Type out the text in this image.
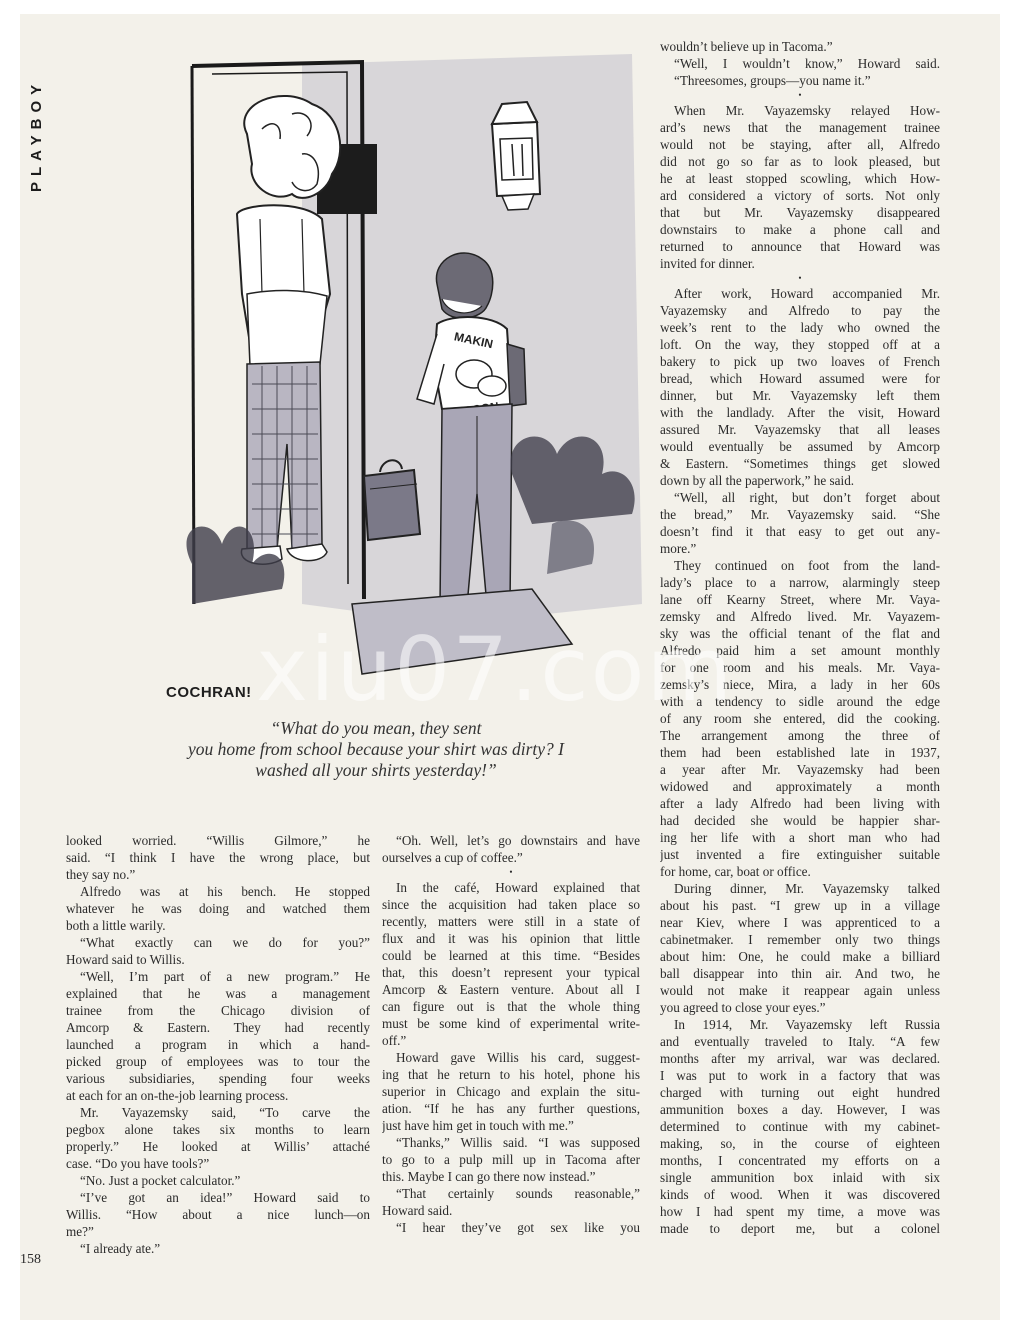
PLAYBOY
MAKIN
COCHRAN!
“What do you mean, they sent
you home from school because your shirt was dirty? I
washed all your shirts yesterday!”
looked worried. “Willis Gilmore,” he
said. “I think I have the wrong place, but
they say no.”
Alfredo was at his bench. He stopped
whatever he was doing and watched them
both a little warily.
“What exactly can we do for you?”
Howard said to Willis.
“Well, I’m part of a new program.” He
explained that he was a management
trainee from the Chicago division of
Amcorp & Eastern. They had recently
launched a program in which a hand-
picked group of employees was to tour the
various subsidiaries, spending four weeks
at each for an on-the-job learning process.
Mr. Vayazemsky said, “To carve the
pegbox alone takes six months to learn
properly.” He looked at Willis’ attaché
case. “Do you have tools?”
“No. Just a pocket calculator.”
“I’ve got an idea!” Howard said to
Willis. “How about a nice lunch—on
me?”
“I already ate.”
“Oh. Well, let’s go downstairs and have
ourselves a cup of coffee.”
•
In the café, Howard explained that
since the acquisition had taken place so
recently, matters were still in a state of
flux and it was his opinion that little
could be learned at this time. “Besides
that, this doesn’t represent your typical
Amcorp & Eastern venture. About all I
can figure out is that the whole thing
must be some kind of experimental write-
off.”
Howard gave Willis his card, suggest-
ing that he return to his hotel, phone his
superior in Chicago and explain the situ-
ation. “If he has any further questions,
just have him get in touch with me.”
“Thanks,” Willis said. “I was supposed
to go to a pulp mill up in Tacoma after
this. Maybe I can go there now instead.”
“That certainly sounds reasonable,”
Howard said.
“I hear they’ve got sex like you
wouldn’t believe up in Tacoma.”
“Well, I wouldn’t know,” Howard said.
“Threesomes, groups—you name it.”
•
When Mr. Vayazemsky relayed How-
ard’s news that the management trainee
would not be staying, after all, Alfredo
did not go so far as to look pleased, but
he at least stopped scowling, which How-
ard considered a victory of sorts. Not only
that but Mr. Vayazemsky disappeared
downstairs to make a phone call and
returned to announce that Howard was
invited for dinner.
•
After work, Howard accompanied Mr.
Vayazemsky and Alfredo to pay the
week’s rent to the lady who owned the
loft. On the way, they stopped off at a
bakery to pick up two loaves of French
bread, which Howard assumed were for
dinner, but Mr. Vayazemsky left them
with the landlady. After the visit, Howard
assured Mr. Vayazemsky that all leases
would eventually be assumed by Amcorp
& Eastern. “Sometimes things get slowed
down by all the paperwork,” he said.
“Well, all right, but don’t forget about
the bread,” Mr. Vayazemsky said. “She
doesn’t find it that easy to get out any-
more.”
They continued on foot from the land-
lady’s place to a narrow, alarmingly steep
lane off Kearny Street, where Mr. Vaya-
zemsky and Alfredo lived. Mr. Vayazem-
sky was the official tenant of the flat and
Alfredo paid him a set amount monthly
for one room and his meals. Mr. Vaya-
zemsky’s niece, Mira, a lady in her 60s
with a tendency to sidle around the edge
of any room she entered, did the cooking.
The arrangement among the three of
them had been established late in 1937,
a year after Mr. Vayazemsky had been
widowed and approximately a month
after a lady Alfredo had been living with
had decided she would be happier shar-
ing her life with a short man who had
just invented a fire extinguisher suitable
for home, car, boat or office.
During dinner, Mr. Vayazemsky talked
about his past. “I grew up in a village
near Kiev, where I was apprenticed to a
cabinetmaker. I remember only two things
about him: One, he could make a billiard
ball disappear into thin air. And two, he
would not make it reappear again unless
you agreed to close your eyes.”
In 1914, Mr. Vayazemsky left Russia
and eventually traveled to Italy. “A few
months after my arrival, war was declared.
I was put to work in a factory that was
charged with turning out eight hundred
ammunition boxes a day. However, I was
determined to continue with my cabinet-
making, so, in the course of eighteen
months, I concentrated my efforts on a
single ammunition box inlaid with six
kinds of wood. When it was discovered
how I had spent my time, a move was
made to deport me, but a colonel
158
xiu07.com
